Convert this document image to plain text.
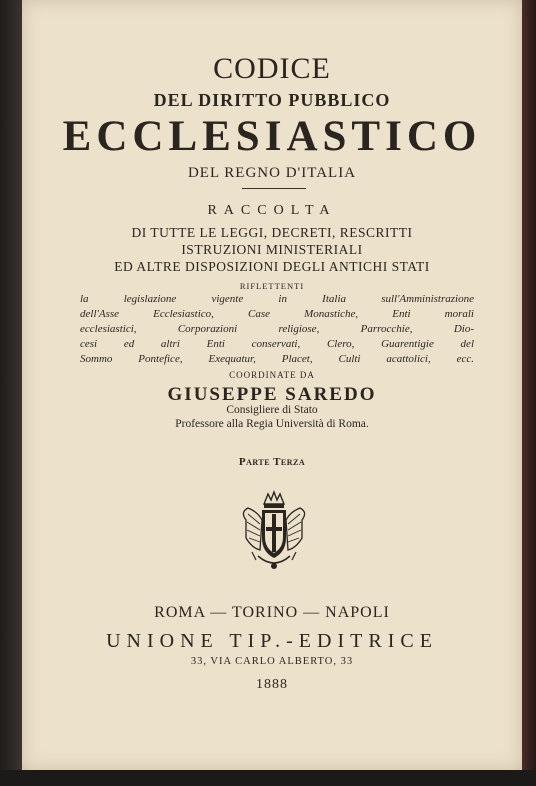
CODICE
DEL DIRITTO PUBBLICO
ECCLESIASTICO
DEL REGNO D'ITALIA
RACCOLTA
DI TUTTE LE LEGGI, DECRETI, RESCRITTI
ISTRUZIONI MINISTERIALI
ED ALTRE DISPOSIZIONI DEGLI ANTICHI STATI
RIFLETTENTI
la legislazione vigente in Italia sull'Amministrazione
dell'Asse Ecclesiastico, Case Monastiche, Enti morali
ecclesiastici, Corporazioni religiose, Parrocchie, Dio-
cesi ed altri Enti conservati, Clero, Guarentigie del
Sommo Pontefice, Exequatur, Placet, Culti acattolici, ecc.
COORDINATE DA
GIUSEPPE SAREDO
Consigliere di Stato
Professore alla Regia Università di Roma.
Parte Terza
ROMA — TORINO — NAPOLI
UNIONE TIP.-EDITRICE
33, VIA CARLO ALBERTO, 33
1888
